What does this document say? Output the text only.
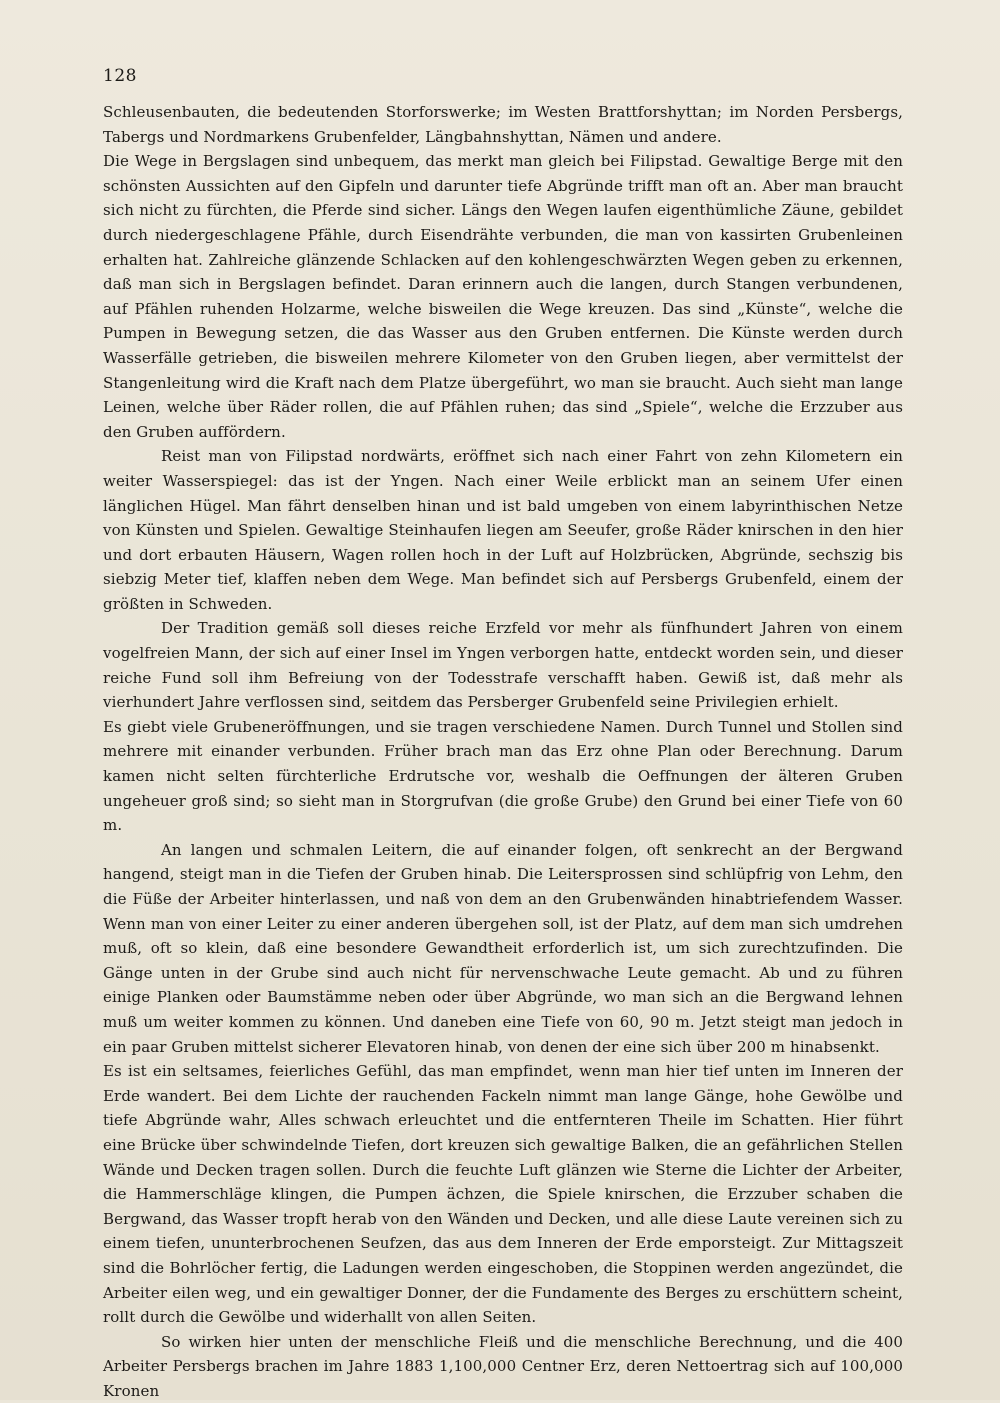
128

Schleusenbauten, die bedeutenden Storforswerke; im Westen Brattforshyttan; im Norden Persbergs, Tabergs und Nordmarkens Grubenfelder, Längbahnshyttan, Nämen und andere.

Die Wege in Bergslagen sind unbequem, das merkt man gleich bei Filipstad. Gewaltige Berge mit den schönsten Aussichten auf den Gipfeln und darunter tiefe Abgründe trifft man oft an. Aber man braucht sich nicht zu fürchten, die Pferde sind sicher. Längs den Wegen laufen eigenthümliche Zäune, gebildet durch niedergeschlagene Pfähle, durch Eisendrähte verbunden, die man von kassirten Grubenleinen erhalten hat. Zahlreiche glänzende Schlacken auf den kohlengeschwärzten Wegen geben zu erkennen, daß man sich in Bergslagen befindet. Daran erinnern auch die langen, durch Stangen verbundenen, auf Pfählen ruhenden Holzarme, welche bisweilen die Wege kreuzen. Das sind „Künste“, welche die Pumpen in Bewegung setzen, die das Wasser aus den Gruben entfernen. Die Künste werden durch Wasserfälle getrieben, die bisweilen mehrere Kilometer von den Gruben liegen, aber vermittelst der Stangenleitung wird die Kraft nach dem Platze übergeführt, wo man sie braucht. Auch sieht man lange Leinen, welche über Räder rollen, die auf Pfählen ruhen; das sind „Spiele“, welche die Erzzuber aus den Gruben auffördern.

Reist man von Filipstad nordwärts, eröffnet sich nach einer Fahrt von zehn Kilometern ein weiter Wasserspiegel: das ist der Yngen. Nach einer Weile erblickt man an seinem Ufer einen länglichen Hügel. Man fährt denselben hinan und ist bald umgeben von einem labyrinthischen Netze von Künsten und Spielen. Gewaltige Steinhaufen liegen am Seeufer, große Räder knirschen in den hier und dort erbauten Häusern, Wagen rollen hoch in der Luft auf Holzbrücken, Abgründe, sechszig bis siebzig Meter tief, klaffen neben dem Wege. Man befindet sich auf Persbergs Grubenfeld, einem der größten in Schweden.

Der Tradition gemäß soll dieses reiche Erzfeld vor mehr als fünfhundert Jahren von einem vogelfreien Mann, der sich auf einer Insel im Yngen verborgen hatte, entdeckt worden sein, und dieser reiche Fund soll ihm Befreiung von der Todesstrafe verschafft haben. Gewiß ist, daß mehr als vierhundert Jahre verflossen sind, seitdem das Persberger Grubenfeld seine Privilegien erhielt.

Es giebt viele Grubeneröffnungen, und sie tragen verschiedene Namen. Durch Tunnel und Stollen sind mehrere mit einander verbunden. Früher brach man das Erz ohne Plan oder Berechnung. Darum kamen nicht selten fürchterliche Erdrutsche vor, weshalb die Oeffnungen der älteren Gruben ungeheuer groß sind; so sieht man in Storgrufvan (die große Grube) den Grund bei einer Tiefe von 60 m.

An langen und schmalen Leitern, die auf einander folgen, oft senkrecht an der Bergwand hangend, steigt man in die Tiefen der Gruben hinab. Die Leitersprossen sind schlüpfrig von Lehm, den die Füße der Arbeiter hinterlassen, und naß von dem an den Grubenwänden hinabtriefendem Wasser. Wenn man von einer Leiter zu einer anderen übergehen soll, ist der Platz, auf dem man sich umdrehen muß, oft so klein, daß eine besondere Gewandtheit erforderlich ist, um sich zurechtzufinden. Die Gänge unten in der Grube sind auch nicht für nervenschwache Leute gemacht. Ab und zu führen einige Planken oder Baumstämme neben oder über Abgründe, wo man sich an die Bergwand lehnen muß um weiter kommen zu können. Und daneben eine Tiefe von 60, 90 m. Jetzt steigt man jedoch in ein paar Gruben mittelst sicherer Elevatoren hinab, von denen der eine sich über 200 m hinabsenkt.

Es ist ein seltsames, feierliches Gefühl, das man empfindet, wenn man hier tief unten im Inneren der Erde wandert. Bei dem Lichte der rauchenden Fackeln nimmt man lange Gänge, hohe Gewölbe und tiefe Abgründe wahr, Alles schwach erleuchtet und die entfernteren Theile im Schatten. Hier führt eine Brücke über schwindelnde Tiefen, dort kreuzen sich gewaltige Balken, die an gefährlichen Stellen Wände und Decken tragen sollen. Durch die feuchte Luft glänzen wie Sterne die Lichter der Arbeiter, die Hammerschläge klingen, die Pumpen ächzen, die Spiele knirschen, die Erzzuber schaben die Bergwand, das Wasser tropft herab von den Wänden und Decken, und alle diese Laute vereinen sich zu einem tiefen, ununterbrochenen Seufzen, das aus dem Inneren der Erde emporsteigt. Zur Mittagszeit sind die Bohrlöcher fertig, die Ladungen werden eingeschoben, die Stoppinen werden angezündet, die Arbeiter eilen weg, und ein gewaltiger Donner, der die Fundamente des Berges zu erschüttern scheint, rollt durch die Gewölbe und widerhallt von allen Seiten.

So wirken hier unten der menschliche Fleiß und die menschliche Berechnung, und die 400 Arbeiter Persbergs brachen im Jahre 1883 1,100,000 Centner Erz, deren Nettoertrag sich auf 100,000 Kronen
